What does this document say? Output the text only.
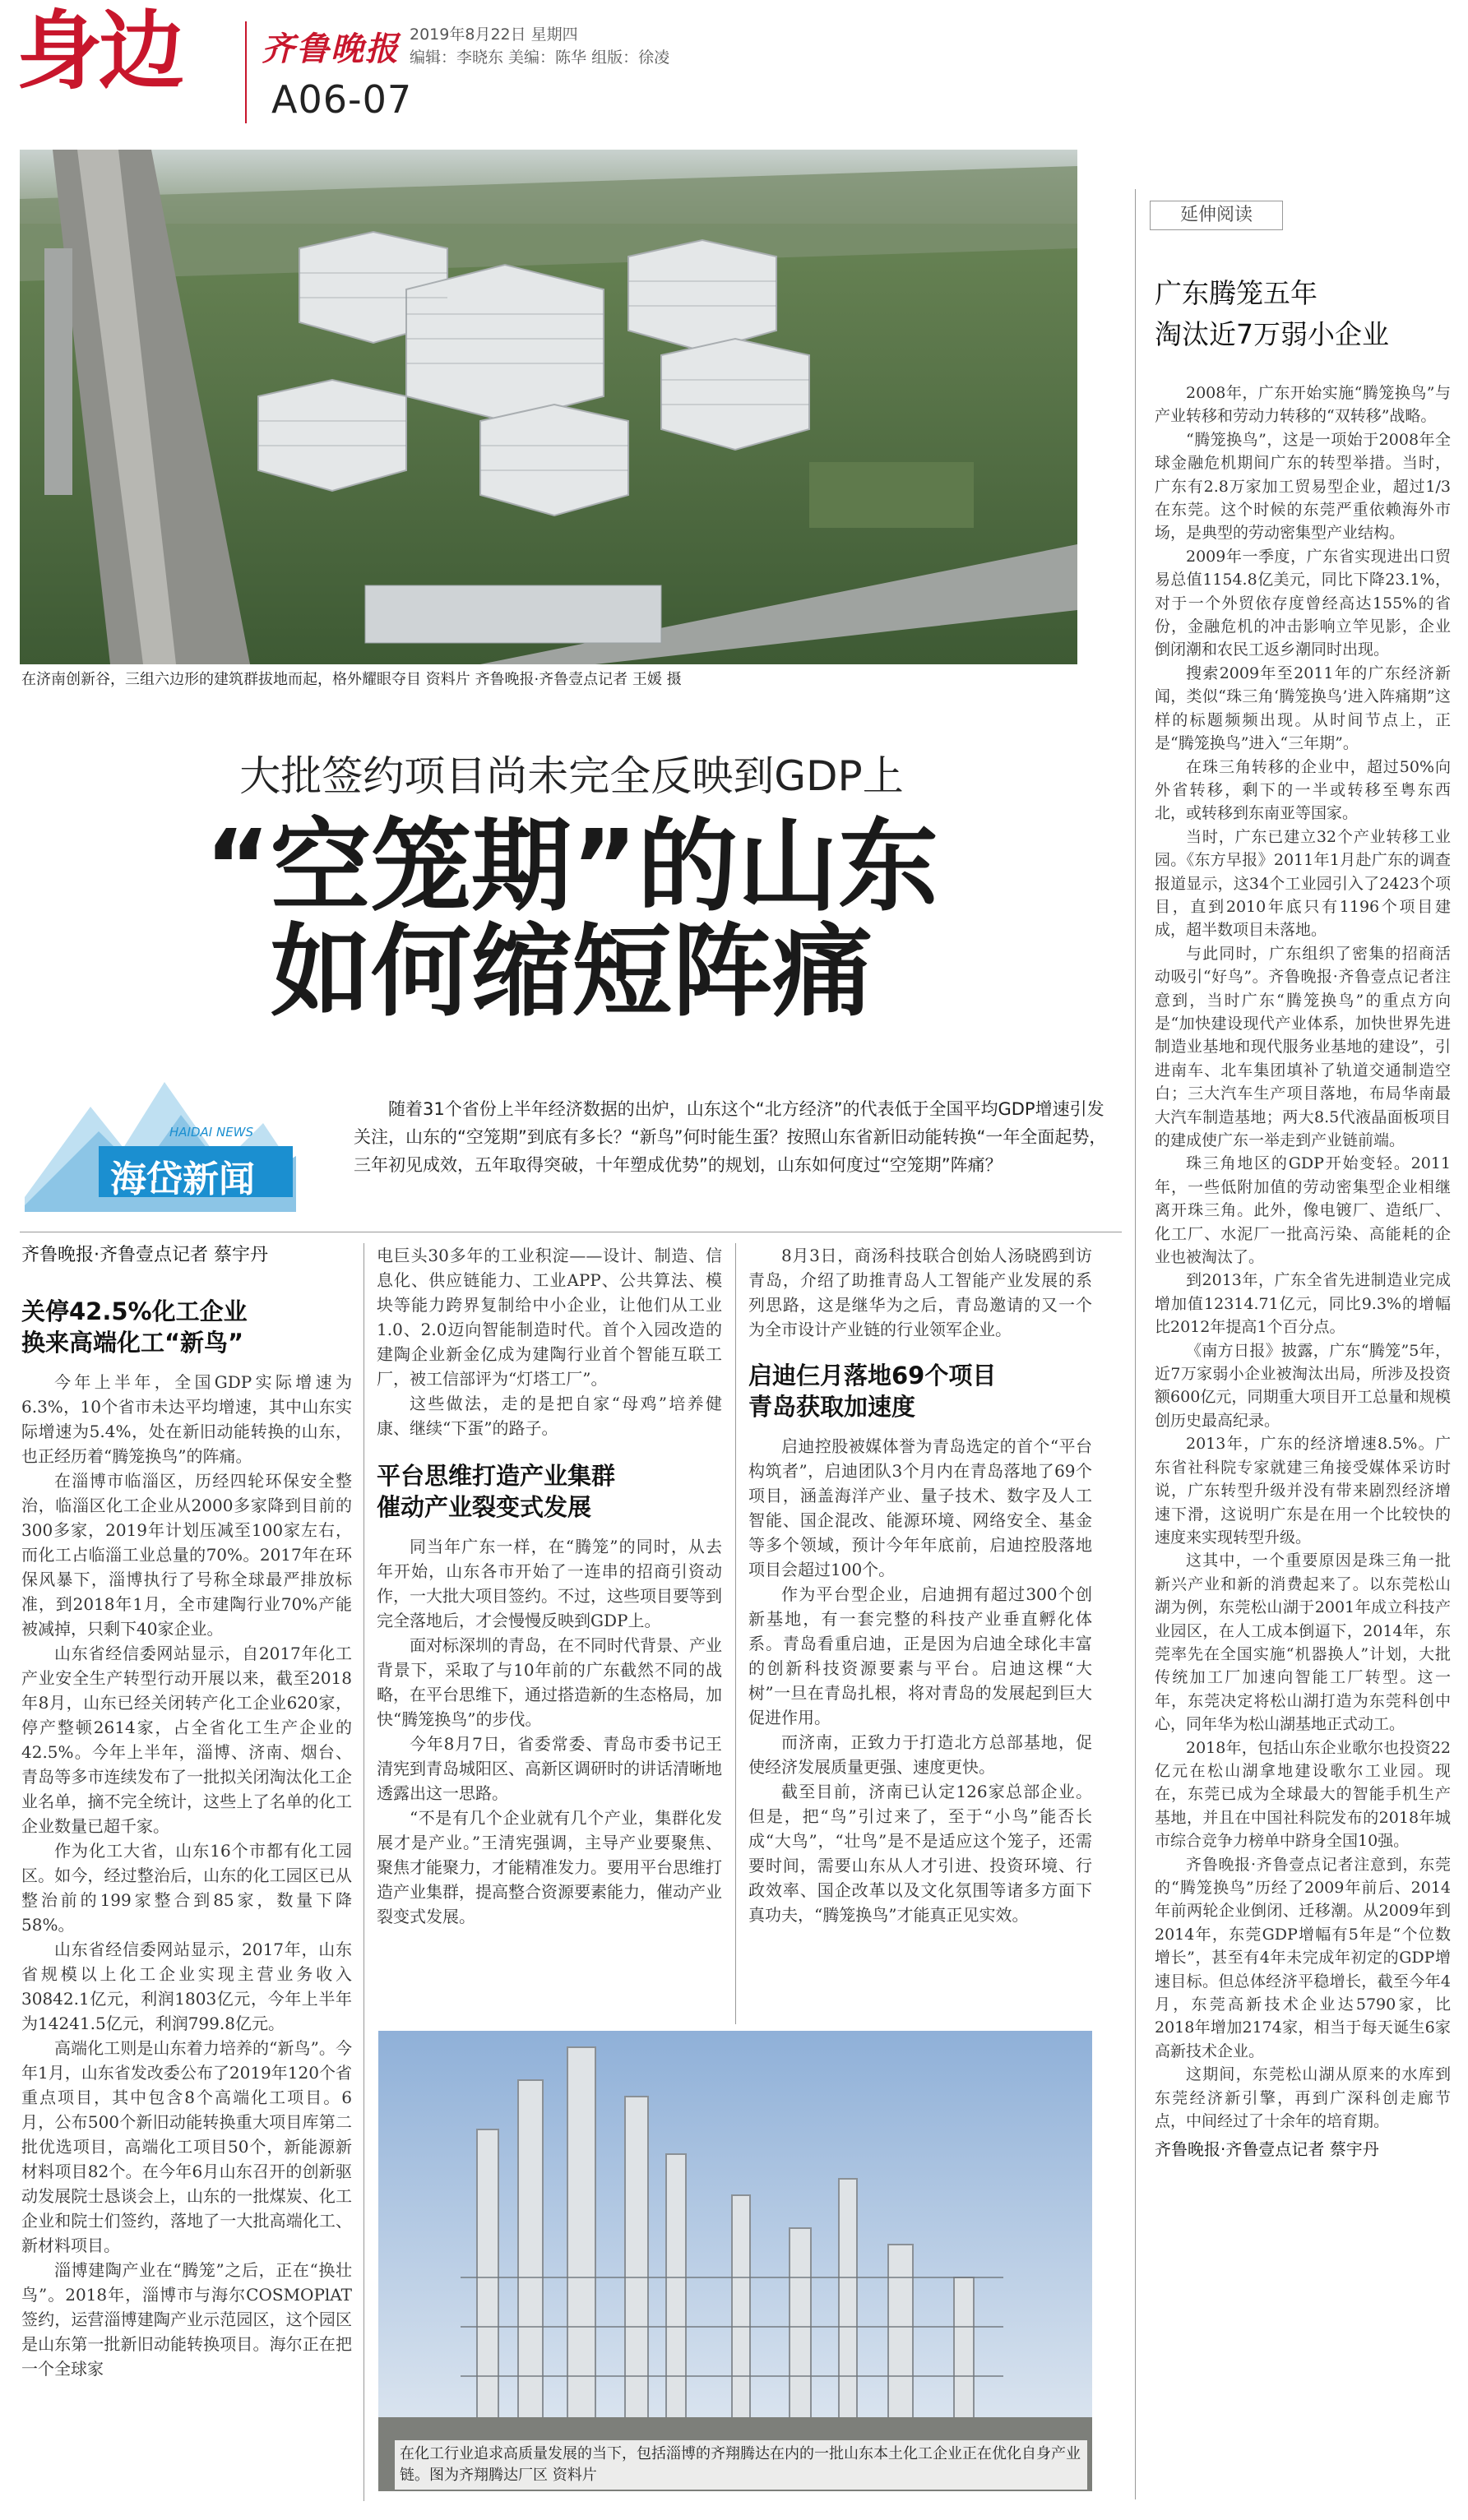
身边 齐鲁晚报 2019年8月22日 星期四
编辑：李晓东 美编：陈华 组版：徐凌
A06-07
在济南创新谷，三组六边形的建筑群拔地而起，格外耀眼夺目 资料片 齐鲁晚报·齐鲁壹点记者 王媛 摄
大批签约项目尚未完全反映到GDP上
“空笼期”的山东
如何缩短阵痛
HAIDAI NEWS
海岱新闻
随着31个省份上半年经济数据的出炉，山东这个“北方经济”的代表低于全国平均GDP增速引发关注，山东的“空笼期”到底有多长？“新鸟”何时能生蛋？按照山东省新旧动能转换“一年全面起势，三年初见成效，五年取得突破，十年塑成优势”的规划，山东如何度过“空笼期”阵痛？
齐鲁晚报·齐鲁壹点记者 蔡宇丹
关停42.5%化工企业
换来高端化工“新鸟”

今年上半年，全国GDP实际增速为6.3%，10个省市未达平均增速，其中山东实际增速为5.4%，处在新旧动能转换的山东，也正经历着“腾笼换鸟”的阵痛。

在淄博市临淄区，历经四轮环保安全整治，临淄区化工企业从2000多家降到目前的300多家，2019年计划压减至100家左右，而化工占临淄工业总量的70%。2017年在环保风暴下，淄博执行了号称全球最严排放标准，到2018年1月，全市建陶行业70%产能被减掉，只剩下40家企业。

山东省经信委网站显示，自2017年化工产业安全生产转型行动开展以来，截至2018年8月，山东已经关闭转产化工企业620家，停产整顿2614家，占全省化工生产企业的42.5%。今年上半年，淄博、济南、烟台、青岛等多市连续发布了一批拟关闭淘汰化工企业名单，摘不完全统计，这些上了名单的化工企业数量已超千家。

作为化工大省，山东16个市都有化工园区。如今，经过整治后，山东的化工园区已从整治前的199家整合到85家，数量下降58%。

山东省经信委网站显示，2017年，山东省规模以上化工企业实现主营业务收入30842.1亿元，利润1803亿元，今年上半年为14241.5亿元，利润799.8亿元。

高端化工则是山东着力培养的“新鸟”。今年1月，山东省发改委公布了2019年120个省重点项目，其中包含8个高端化工项目。6月，公布500个新旧动能转换重大项目库第二批优选项目，高端化工项目50个，新能源新材料项目82个。在今年6月山东召开的创新驱动发展院士恳谈会上，山东的一批煤炭、化工企业和院士们签约，落地了一大批高端化工、新材料项目。

淄博建陶产业在“腾笼”之后，正在“换壮鸟”。2018年，淄博市与海尔COSMOPlAT签约，运营淄博建陶产业示范园区，这个园区是山东第一批新旧动能转换项目。海尔正在把一个全球家

电巨头30多年的工业积淀——设计、制造、信息化、供应链能力、工业APP、公共算法、模块等能力跨界复制给中小企业，让他们从工业1.0、2.0迈向智能制造时代。首个入园改造的建陶企业新金亿成为建陶行业首个智能互联工厂，被工信部评为“灯塔工厂”。

这些做法，走的是把自家“母鸡”培养健康、继续“下蛋”的路子。

平台思维打造产业集群
催动产业裂变式发展

同当年广东一样，在“腾笼”的同时，从去年开始，山东各市开始了一连串的招商引资动作，一大批大项目签约。不过，这些项目要等到完全落地后，才会慢慢反映到GDP上。

面对标深圳的青岛，在不同时代背景、产业背景下，采取了与10年前的广东截然不同的战略，在平台思维下，通过搭造新的生态格局，加快“腾笼换鸟”的步伐。

今年8月7日，省委常委、青岛市委书记王清宪到青岛城阳区、高新区调研时的讲话清晰地透露出这一思路。

“不是有几个企业就有几个产业，集群化发展才是产业。”王清宪强调，主导产业要聚焦、聚焦才能聚力，才能精准发力。要用平台思维打造产业集群，提高整合资源要素能力，催动产业裂变式发展。

8月3日，商汤科技联合创始人汤晓鸥到访青岛，介绍了助推青岛人工智能产业发展的系列思路，这是继华为之后，青岛邀请的又一个为全市设计产业链的行业领军企业。

启迪仨月落地69个项目
青岛获取加速度

启迪控股被媒体誉为青岛选定的首个“平台构筑者”，启迪团队3个月内在青岛落地了69个项目，涵盖海洋产业、量子技术、数字及人工智能、国企混改、能源环境、网络安全、基金等多个领域，预计今年年底前，启迪控股落地项目会超过100个。

作为平台型企业，启迪拥有超过300个创新基地，有一套完整的科技产业垂直孵化体系。青岛看重启迪，正是因为启迪全球化丰富的创新科技资源要素与平台。启迪这棵“大树”一旦在青岛扎根，将对青岛的发展起到巨大促进作用。

而济南，正致力于打造北方总部基地，促使经济发展质量更强、速度更快。

截至目前，济南已认定126家总部企业。但是，把“鸟”引过来了，至于“小鸟”能否长成“大鸟”，“壮鸟”是不是适应这个笼子，还需要时间，需要山东从人才引进、投资环境、行政效率、国企改革以及文化氛围等诸多方面下真功夫，“腾笼换鸟”才能真正见实效。

在化工行业追求高质量发展的当下，包括淄博的齐翔腾达在内的一批山东本土化工企业正在优化自身产业链。图为齐翔腾达厂区 资料片
延伸阅读
广东腾笼五年
淘汰近7万弱小企业

2008年，广东开始实施“腾笼换鸟”与产业转移和劳动力转移的“双转移”战略。

“腾笼换鸟”，这是一项始于2008年全球金融危机期间广东的转型举措。当时，广东有2.8万家加工贸易型企业，超过1/3在东莞。这个时候的东莞严重依赖海外市场，是典型的劳动密集型产业结构。

2009年一季度，广东省实现进出口贸易总值1154.8亿美元，同比下降23.1%，对于一个外贸依存度曾经高达155%的省份，金融危机的冲击影响立竿见影，企业倒闭潮和农民工返乡潮同时出现。

搜索2009年至2011年的广东经济新闻，类似“珠三角‘腾笼换鸟’进入阵痛期”这样的标题频频出现。从时间节点上，正是“腾笼换鸟”进入“三年期”。

在珠三角转移的企业中，超过50%向外省转移，剩下的一半或转移至粤东西北，或转移到东南亚等国家。

当时，广东已建立32个产业转移工业园。《东方早报》2011年1月赴广东的调查报道显示，这34个工业园引入了2423个项目，直到2010年底只有1196个项目建成，超半数项目未落地。

与此同时，广东组织了密集的招商活动吸引“好鸟”。齐鲁晚报·齐鲁壹点记者注意到，当时广东“腾笼换鸟”的重点方向是“加快建设现代产业体系，加快世界先进制造业基地和现代服务业基地的建设”，引进南车、北车集团填补了轨道交通制造空白；三大汽车生产项目落地，布局华南最大汽车制造基地；两大8.5代液晶面板项目的建成使广东一举走到产业链前端。

珠三角地区的GDP开始变轻。2011年，一些低附加值的劳动密集型企业相继离开珠三角。此外，像电镀厂、造纸厂、化工厂、水泥厂一批高污染、高能耗的企业也被淘汰了。

到2013年，广东全省先进制造业完成增加值12314.71亿元，同比9.3%的增幅比2012年提高1个百分点。

《南方日报》披露，广东“腾笼”5年，近7万家弱小企业被淘汰出局，所涉及投资额600亿元，同期重大项目开工总量和规模创历史最高纪录。

2013年，广东的经济增速8.5%。广东省社科院专家就建三角接受媒体采访时说，广东转型升级并没有带来剧烈经济增速下滑，这说明广东是在用一个比较快的速度来实现转型升级。

这其中，一个重要原因是珠三角一批新兴产业和新的消费起来了。以东莞松山湖为例，东莞松山湖于2001年成立科技产业园区，在人工成本倒逼下，2014年，东莞率先在全国实施“机器换人”计划，大批传统加工厂加速向智能工厂转型。这一年，东莞决定将松山湖打造为东莞科创中心，同年华为松山湖基地正式动工。

2018年，包括山东企业歌尔也投资22亿元在松山湖拿地建设歌尔工业园。现在，东莞已成为全球最大的智能手机生产基地，并且在中国社科院发布的2018年城市综合竞争力榜单中跻身全国10强。

齐鲁晚报·齐鲁壹点记者注意到，东莞的“腾笼换鸟”历经了2009年前后、2014年前两轮企业倒闭、迁移潮。从2009年到2014年，东莞GDP增幅有5年是“个位数增长”，甚至有4年未完成年初定的GDP增速目标。但总体经济平稳增长，截至今年4月，东莞高新技术企业达5790家，比2018年增加2174家，相当于每天诞生6家高新技术企业。

这期间，东莞松山湖从原来的水库到东莞经济新引擎，再到广深科创走廊节点，中间经过了十余年的培育期。

齐鲁晚报·齐鲁壹点记者 蔡宇丹
